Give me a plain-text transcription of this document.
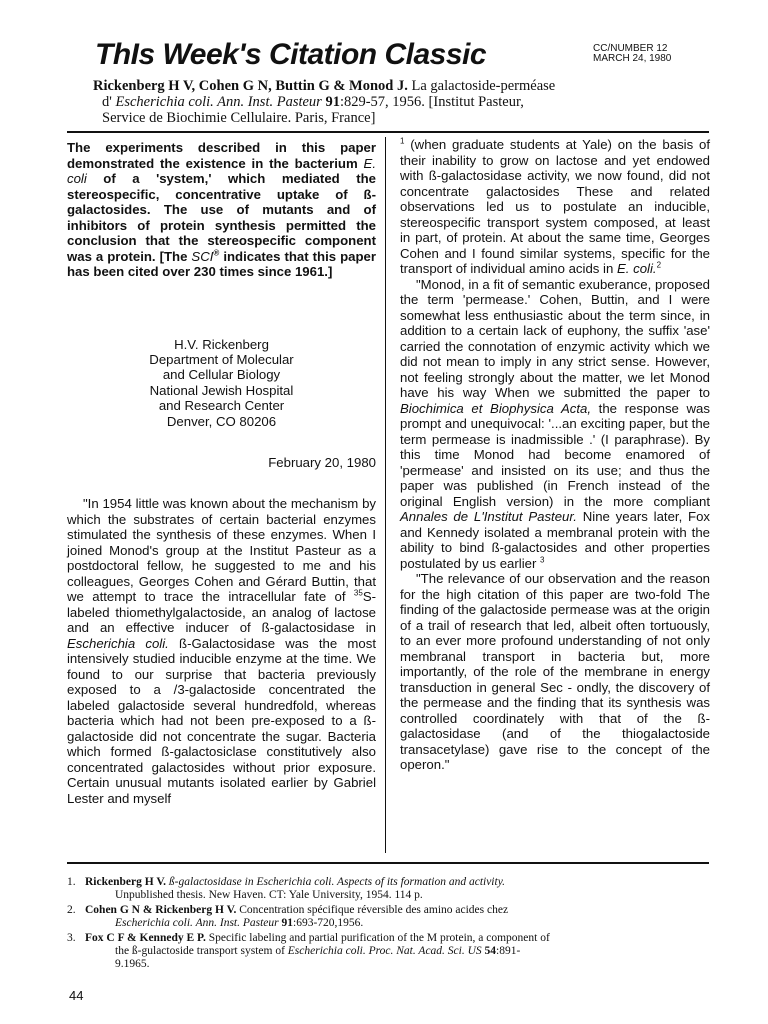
ThIs Week's Citation Classic	CC/NUMBER 12
MARCH 24, 1980
Rickenberg H V, Cohen G N, Buttin G & Monod J. La galactoside-perméase
d' Escherichia coli. Ann. Inst. Pasteur 91:829-57, 1956. [Institut Pasteur,
Service de Biochimie Cellulaire. Paris, France]

The experiments described in this paper demonstrated the existence in the bacterium E. coli of a 'system,' which mediated the stereospecific, concentrative uptake of ß-galactosides. The use of mutants and of inhibitors of protein synthesis permitted the conclusion that the stereospecific component was a protein. [The SCI® indicates that this paper has been cited over 230 times since 1961.]

H.V. Rickenberg
Department of Molecular
and Cellular Biology
National Jewish Hospital
and Research Center
Denver, CO 80206

February 20, 1980

"In 1954 little was known about the mechanism by which the substrates of certain bacterial enzymes stimulated the synthesis of these enzymes. When I joined Monod's group at the Institut Pasteur as a postdoctoral fellow, he suggested to me and his colleagues, Georges Cohen and Gérard Buttin, that we attempt to trace the intracellular fate of $^{35}$S-labeled thiomethylgalactoside, an analog of lactose and an effective inducer of ß-galactosidase in Escherichia coli. ß-Galactosidase was the most intensively studied inducible enzyme at the time. We found to our surprise that bacteria previously exposed to a /3-galactoside concentrated the labeled galactoside several hundredfold, whereas bacteria which had not been pre-exposed to a ß-galactoside did not concentrate the sugar. Bacteria which formed ß-galactosiclase constitutively also concentrated galactosides without prior exposure. Certain unusual mutants isolated earlier by Gabriel Lester and myself

$^1$ (when graduate students at Yale) on the basis of their inability to grow on lactose and yet endowed with ß-galactosidase activity, we now found, did not concentrate galactosides These and related observations led us to postulate an inducible, stereospecific transport system composed, at least in part, of protein. At about the same time, Georges Cohen and I found similar systems, specific for the transport of individual amino acids in E. coli.$^2$

"Monod, in a fit of semantic exuberance, proposed the term 'permease.' Cohen, Buttin, and I were somewhat less enthusiastic about the term since, in addition to a certain lack of euphony, the suffix 'ase' carried the connotation of enzymic activity which we did not mean to imply in any strict sense. However, not feeling strongly about the matter, we let Monod have his way When we submitted the paper to Biochimica et Biophysica Acta, the response was prompt and unequivocal: '...an exciting paper, but the term permease is inadmissible .' (I paraphrase). By this time Monod had become enamored of 'permease' and insisted on its use; and thus the paper was published (in French instead of the original English version) in the more compliant Annales de L'Institut Pasteur. Nine years later, Fox and Kennedy isolated a membranal protein with the ability to bind ß-galactosides and other properties postulated by us earlier $^3$

"The relevance of our observation and the reason for the high citation of this paper are two-fold The finding of the galactoside permease was at the origin of a trail of research that led, albeit often tortuously, to an ever more profound understanding of not only membranal transport in bacteria but, more importantly, of the role of the membrane in energy transduction in general Sec - ondly, the discovery of the permease and the finding that its synthesis was controlled coordinately with that of the ß-galactosidase (and of the thiogalactoside transacetylase) gave rise to the concept of the operon."

1. Rickenberg H V. ß-galactosidase in Escherichia coli. Aspects of its formation and activity.
Unpublished thesis. New Haven. CT: Yale University, 1954. 114 p.
2. Cohen G N & Rickenberg H V. Concentration spécifique réversible des amino acides chez
Escherichia coli. Ann. Inst. Pasteur 91:693-720,1956.
3. Fox C F & Kennedy E P. Specific labeling and partial purification of the M protein, a component of
the ß-gulactoside transport system of Escherichia coli. Proc. Nat. Acad. Sci. US 54:891-
9.1965.
44
